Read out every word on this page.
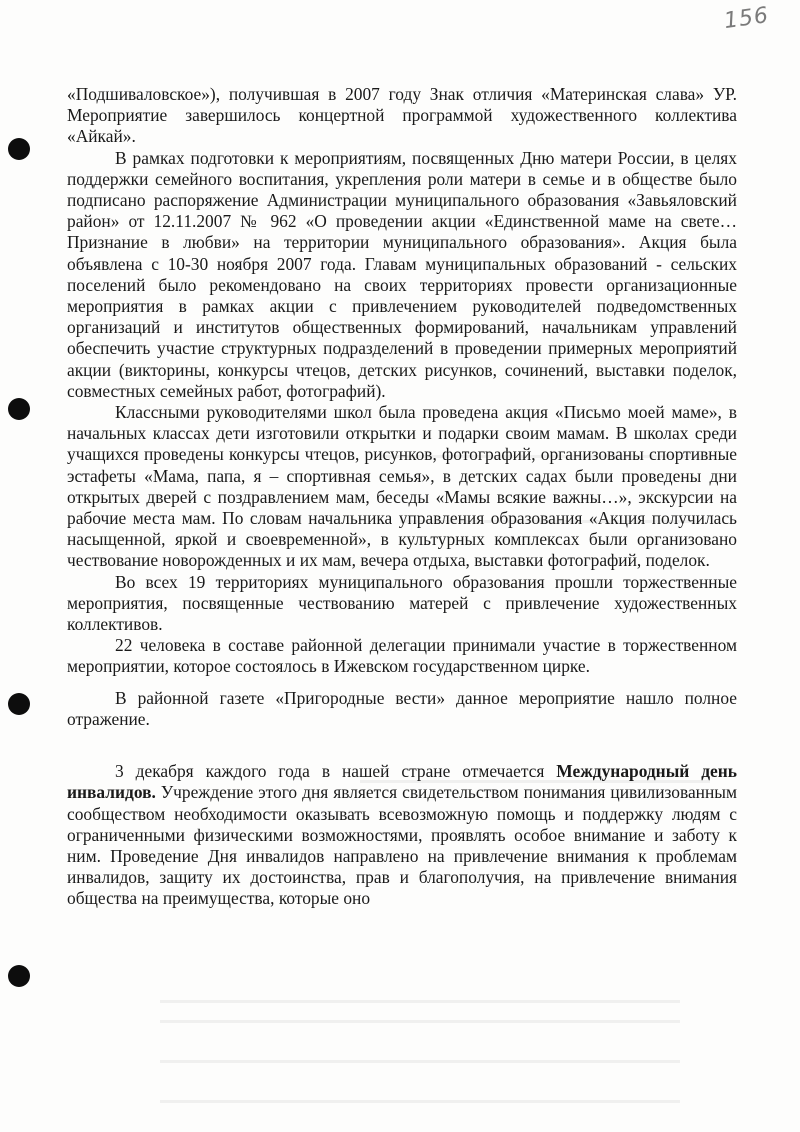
156

«Подшиваловское»), получившая в 2007 году Знак отличия «Материнская слава» УР. Мероприятие завершилось концертной программой художественного коллектива «Айкай».

В рамках подготовки к мероприятиям, посвященных Дню матери России, в целях поддержки семейного воспитания, укрепления роли матери в семье и в обществе было подписано распоряжение Администрации муниципального образования «Завьяловский район» от 12.11.2007 № 962 «О проведении акции «Единственной маме на свете… Признание в любви» на территории муниципального образования». Акция была объявлена с 10-30 ноября 2007 года. Главам муниципальных образований - сельских поселений было рекомендовано на своих территориях провести организационные мероприятия в рамках акции с привлечением руководителей подведомственных организаций и институтов общественных формирований, начальникам управлений обеспечить участие структурных подразделений в проведении примерных мероприятий акции (викторины, конкурсы чтецов, детских рисунков, сочинений, выставки поделок, совместных семейных работ, фотографий).

Классными руководителями школ была проведена акция «Письмо моей маме», в начальных классах дети изготовили открытки и подарки своим мамам. В школах среди учащихся проведены конкурсы чтецов, рисунков, фотографий, организованы спортивные эстафеты «Мама, папа, я – спортивная семья», в детских садах были проведены дни открытых дверей с поздравлением мам, беседы «Мамы всякие важны…», экскурсии на рабочие места мам. По словам начальника управления образования «Акция получилась насыщенной, яркой и своевременной», в культурных комплексах были организовано чествование новорожденных и их мам, вечера отдыха, выставки фотографий, поделок.

Во всех 19 территориях муниципального образования прошли торжественные мероприятия, посвященные чествованию матерей с привлечение художественных коллективов.

22 человека в составе районной делегации принимали участие в торжественном мероприятии, которое состоялось в Ижевском государственном цирке.

В районной газете «Пригородные вести» данное мероприятие нашло полное отражение.

3 декабря каждого года в нашей стране отмечается Международный день инвалидов. Учреждение этого дня является свидетельством понимания цивилизованным сообществом необходимости оказывать всевозможную помощь и поддержку людям с ограниченными физическими возможностями, проявлять особое внимание и заботу к ним. Проведение Дня инвалидов направлено на привлечение внимания к проблемам инвалидов, защиту их достоинства, прав и благополучия, на привлечение внимания общества на преимущества, которые оно
